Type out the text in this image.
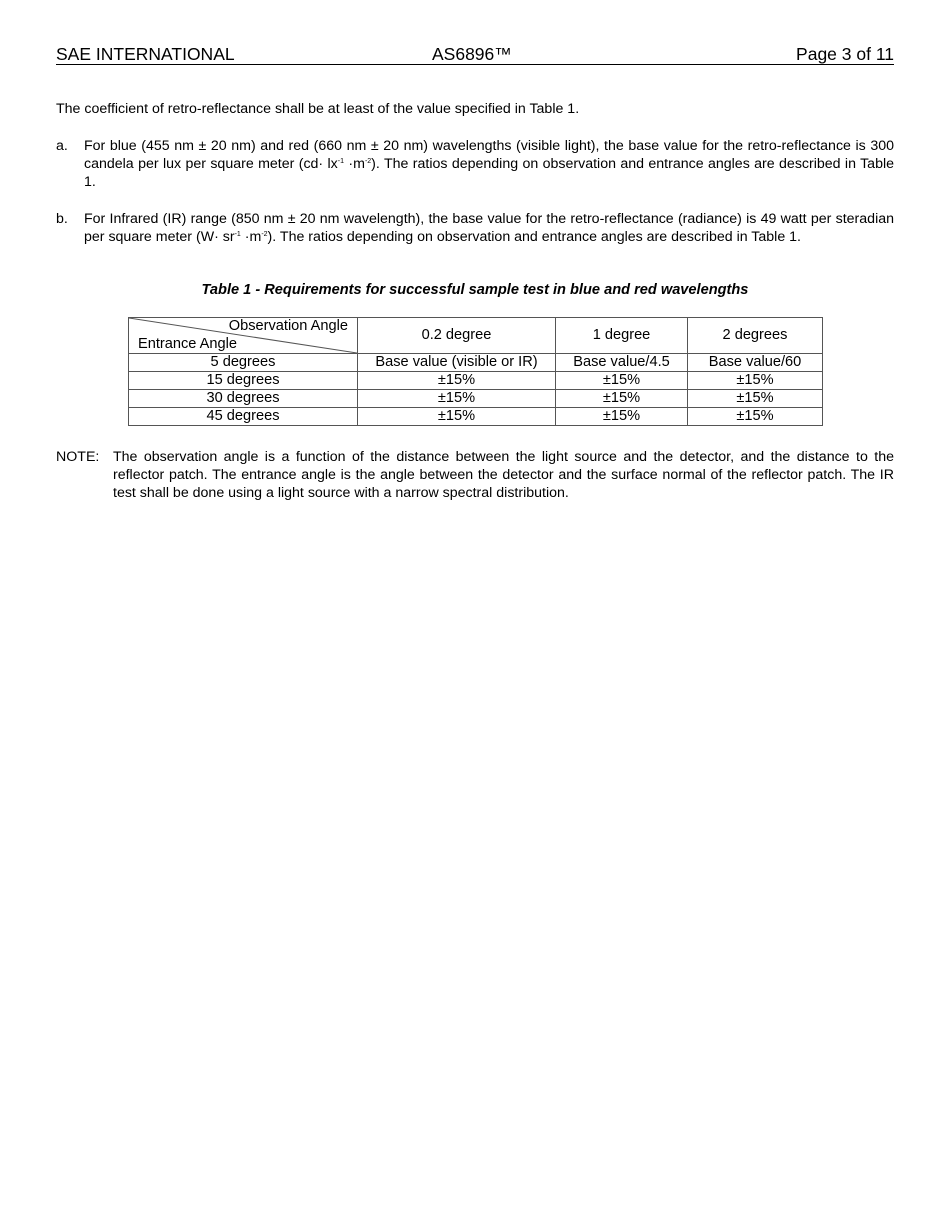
SAE INTERNATIONAL	AS6896™	Page 3 of 11

The coefficient of retro-reflectance shall be at least of the value specified in Table 1.

a. For blue (455 nm ± 20 nm) and red (660 nm ± 20 nm) wavelengths (visible light), the base value for the retro-reflectance is 300 candela per lux per square meter $(cd\cdot lx^{-1} \cdot m^{-2})$. The ratios depending on observation and entrance angles are described in Table 1.
b. For Infrared (IR) range (850 nm ± 20 nm wavelength), the base value for the retro-reflectance (radiance) is 49 watt per steradian per square meter $(W\cdot sr^{-1} \cdot m^{-2})$. The ratios depending on observation and entrance angles are described in Table 1.
Table 1 - Requirements for successful sample test in blue and red wavelengths
Observation Angle
Entrance Angle	0.2 degree	1 degree	2 degrees
5 degrees	Base value (visible or IR)	Base value/4.5	Base value/60
15 degrees	±15%	±15%	±15%
30 degrees	±15%	±15%	±15%
45 degrees	±15%	±15%	±15%
NOTE: The observation angle is a function of the distance between the light source and the detector, and the distance to the reflector patch. The entrance angle is the angle between the detector and the surface normal of the reflector patch. The IR test shall be done using a light source with a narrow spectral distribution.
